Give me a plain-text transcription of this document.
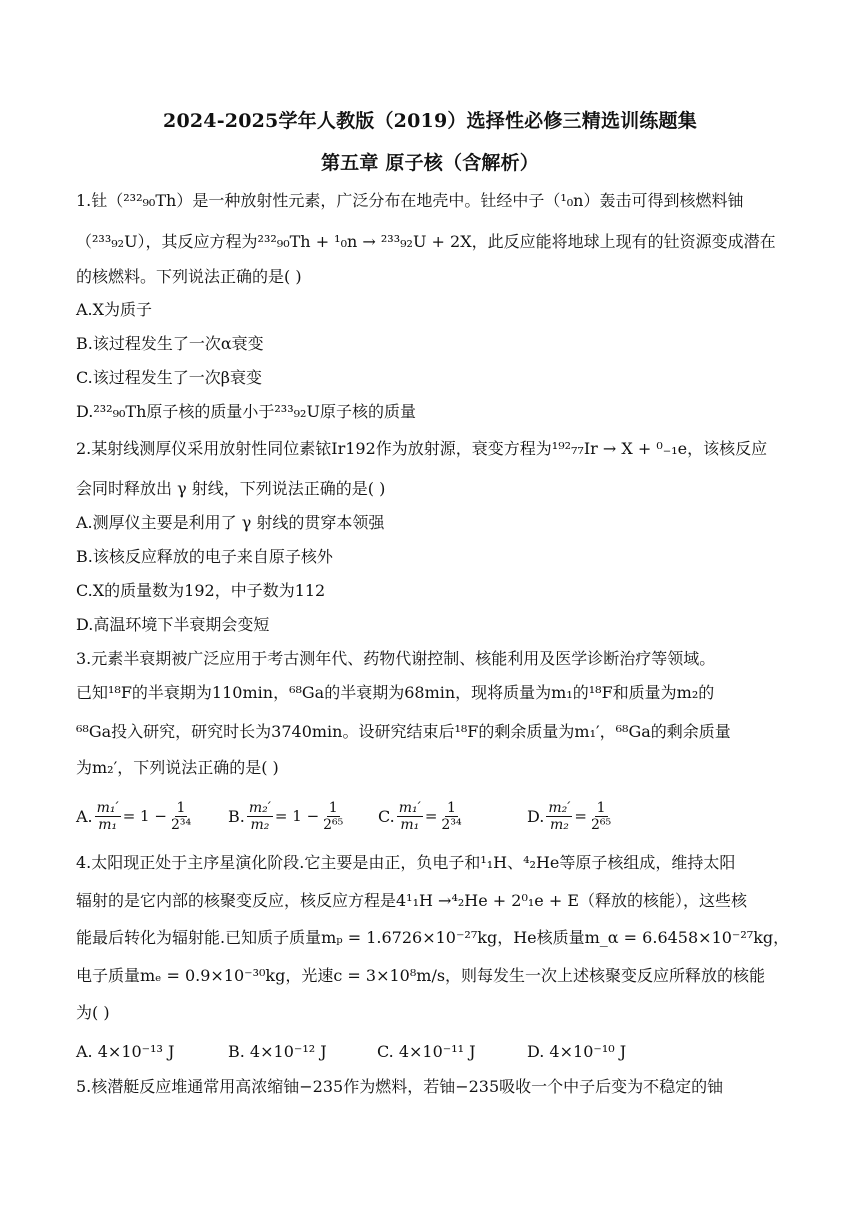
2024-2025学年人教版（2019）选择性必修三精选训练题集
第五章 原子核（含解析）
1.钍（²³²₉₀Th）是一种放射性元素，广泛分布在地壳中。钍经中子（¹₀n）轰击可得到核燃料铀
（²³³₉₂U），其反应方程为²³²₉₀Th + ¹₀n → ²³³₉₂U + 2X，此反应能将地球上现有的钍资源变成潜在
的核燃料。下列说法正确的是( )
A.X为质子
B.该过程发生了一次α衰变
C.该过程发生了一次β衰变
D.²³²₉₀Th原子核的质量小于²³³₉₂U原子核的质量
2.某射线测厚仪采用放射性同位素铱Ir192作为放射源，衰变方程为¹⁹²₇₇Ir → X + ⁰₋₁e，该核反应
会同时释放出 γ 射线，下列说法正确的是( )
A.测厚仪主要是利用了 γ 射线的贯穿本领强
B.该核反应释放的电子来自原子核外
C.X的质量数为192，中子数为112
D.高温环境下半衰期会变短
3.元素半衰期被广泛应用于考古测年代、药物代谢控制、核能利用及医学诊断治疗等领域。
已知¹⁸F的半衰期为110min，⁶⁸Ga的半衰期为68min，现将质量为m₁的¹⁸F和质量为m₂的
⁶⁸Ga投入研究，研究时长为3740min。设研究结束后¹⁸F的剩余质量为m₁′，⁶⁸Ga的剩余质量
为m₂′，下列说法正确的是( )
A. $\frac{\text{m₁′}}{\text{m₁}} = 1 - \frac{1}{\text{2³⁴}} B$. $\frac{\text{m₂′}}{\text{m₂}} = 1 - \frac{1}{\text{2⁶⁵}} C$. $\frac{\text{m₁′}}{\text{m₁}} = \frac{1}{\text{2³⁴}}$	D. $\frac{\text{m₂′}}{\text{m₂}} = \frac{1}{\text{2⁶⁵}}$
4.太阳现正处于主序星演化阶段.它主要是由正，负电子和¹₁H、⁴₂He等原子核组成，维持太阳
辐射的是它内部的核聚变反应，核反应方程是4¹₁H →⁴₂He + 2⁰₁e + E（释放的核能），这些核
能最后转化为辐射能.已知质子质量mₚ = 1.6726×10⁻²⁷kg，He核质量m_α = 6.6458×10⁻²⁷kg，
电子质量mₑ = 0.9×10⁻³⁰kg，光速c = 3×10⁸m/s，则每发生一次上述核聚变反应所释放的核能
为( )
A. 4×10⁻¹³ J	B. 4×10⁻¹² J	C. 4×10⁻¹¹ J	D. 4×10⁻¹⁰ J
5.核潜艇反应堆通常用高浓缩铀−235作为燃料，若铀−235吸收一个中子后变为不稳定的铀
